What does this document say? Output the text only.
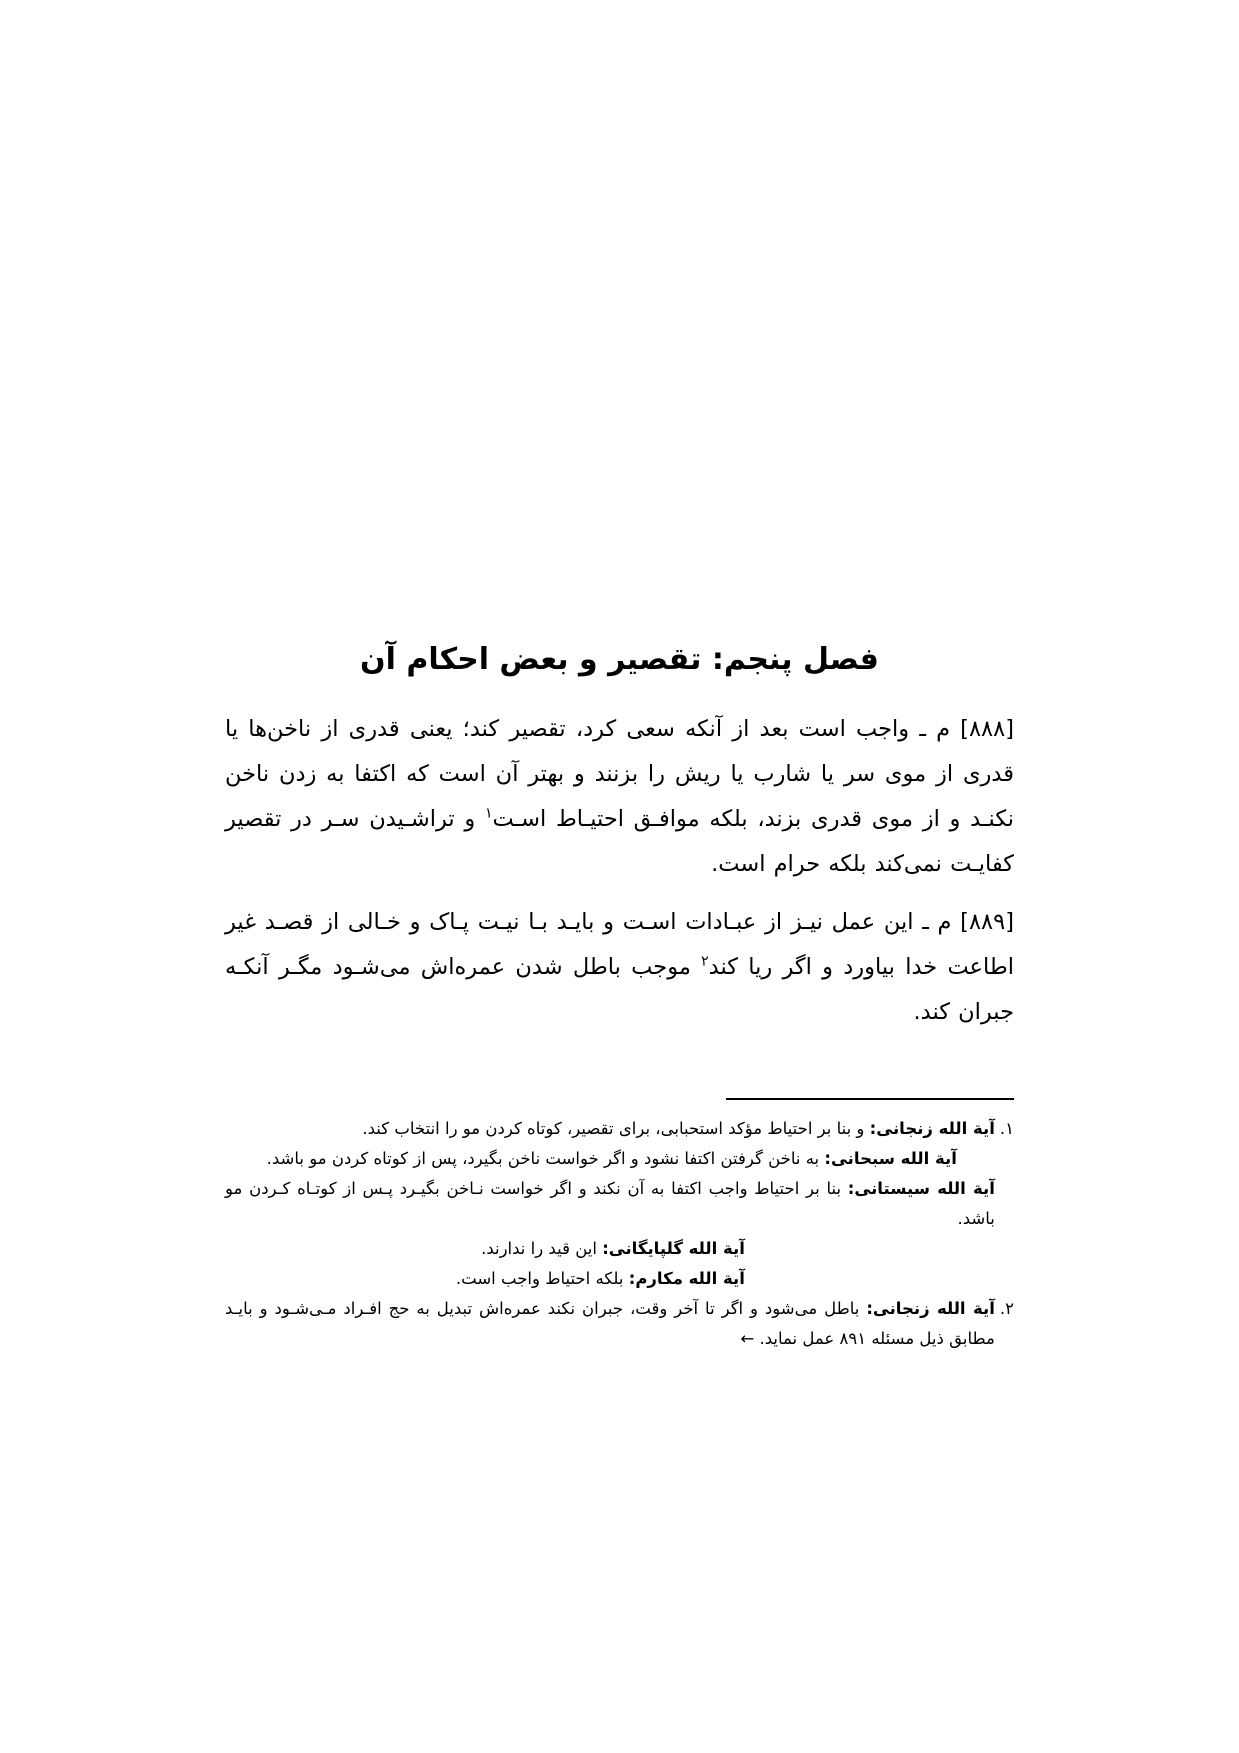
فصل پنجم: تقصیر و بعض احکام آن

[۸۸۸] م ـ واجب است بعد از آنکه سعی کرد، تقصیر کند؛ یعنی قدری از ناخن‌ها یا قدری از موی سر یا شارب یا ریش را بزنند و بهتر آن است که اکتفا به زدن ناخن نکنـد و از موی قدری بزند، بلکه موافـق احتیـاط اسـت$^۱$ و تراشـیدن سـر در تقصیر کفایـت نمی‌کند بلکه حرام است.

[۸۸۹] م ـ این عمل نیـز از عبـادات اسـت و بایـد بـا نیـت پـاک و خـالی از قصـد غیر اطاعت خدا بیاورد و اگر ریا کند$^۲$ موجب باطل شدن عمره‌اش می‌شـود مگـر آنکـه جبران کند.

۱.
آیة الله زنجانی: و بنا بر احتیاط مؤکد استحبابی، برای تقصیر، کوتاه کردن مو را انتخاب کند.
آیة الله سبحانی: به ناخن گرفتن اکتفا نشود و اگر خواست ناخن بگیرد، پس از کوتاه کردن مو باشد.
آیة الله سیستانی: بنا بر احتیاط واجب اکتفا به آن نکند و اگر خواست نـاخن بگیـرد پـس از کوتـاه کـردن مو باشد.
آیة الله گلپایگانی: این قید را ندارند.
آیة الله مکارم: بلکه احتیاط واجب است.
۲.
آیة الله زنجانی: باطل می‌شود و اگر تا آخر وقت، جبران نکند عمره‌اش تبدیل به حج افـراد مـی‌شـود و بایـد مطابق ذیل مسئله ۸۹۱ عمل نماید. ←
